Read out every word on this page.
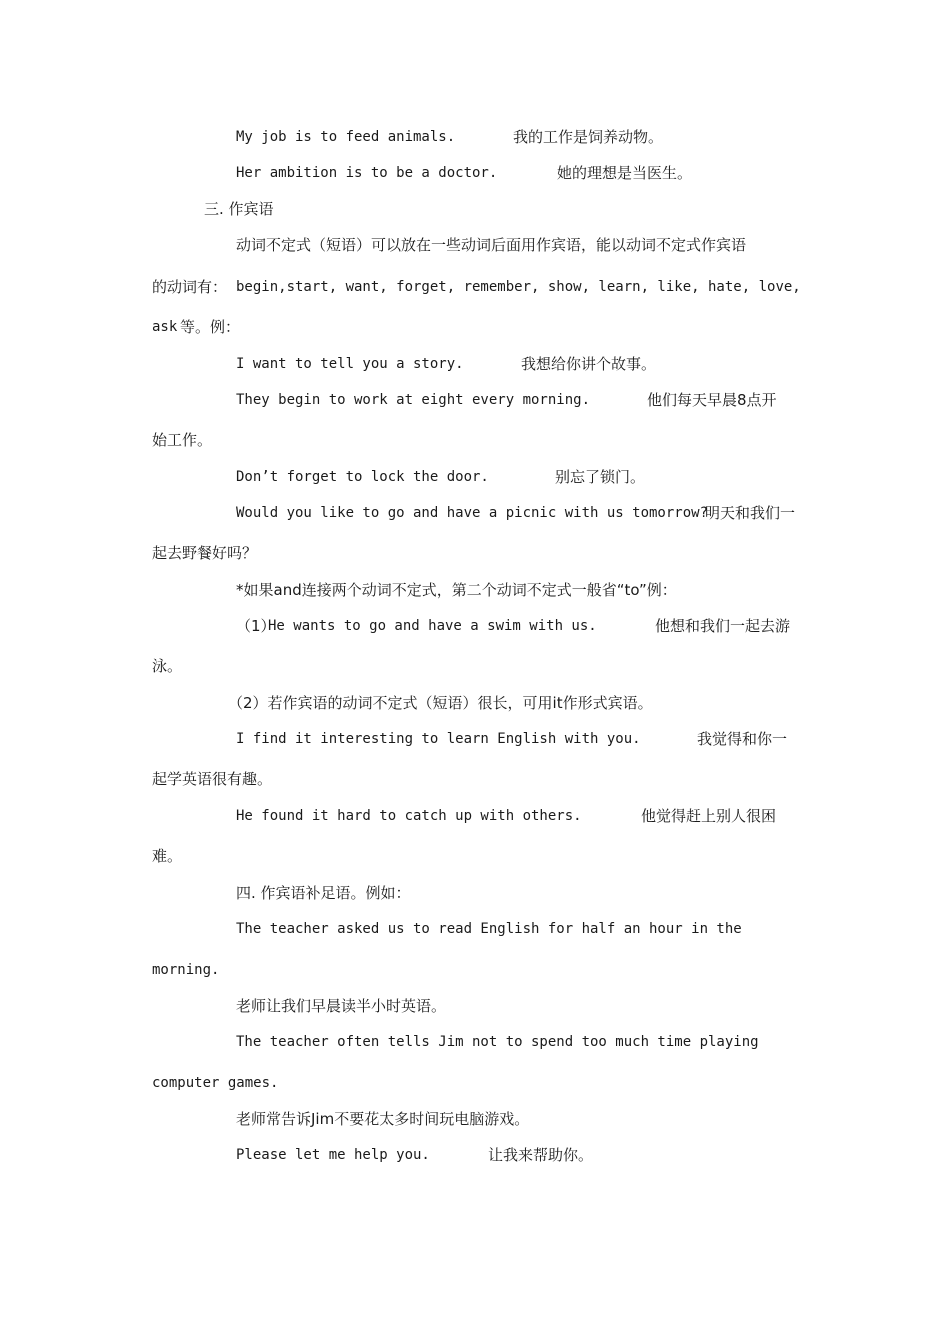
My job is to feed animals.	我的工作是饲养动物。
Her ambition is to be a doctor.	她的理想是当医生。
三. 作宾语
动词不定式（短语）可以放在一些动词后面用作宾语，能以动词不定式作宾语
的动词有： begin,start, want, forget, remember, show, learn, like, hate, love,
ask 等。例：
I want to tell you a story.	我想给你讲个故事。
They begin to work at eight every morning.	他们每天早晨8点开
始工作。
Don’t forget to lock the door.	别忘了锁门。
Would you like to go and have a picnic with us tomorrow?
明天和我们一
起去野餐好吗？
*如果and连接两个动词不定式，第二个动词不定式一般省“to”例：
（1）
He wants to go and have a swim with us.	他想和我们一起去游
泳。
（2）若作宾语的动词不定式（短语）很长，可用it作形式宾语。
I find it interesting to learn English with you.	我觉得和你一
起学英语很有趣。
He found it hard to catch up with others.	他觉得赶上别人很困
难。
四. 作宾语补足语。例如：
The teacher asked us to read English for half an hour in the
morning.
老师让我们早晨读半小时英语。
The teacher often tells Jim not to spend too much time playing
computer games.
老师常告诉Jim不要花太多时间玩电脑游戏。
Please let me help you.	让我来帮助你。
